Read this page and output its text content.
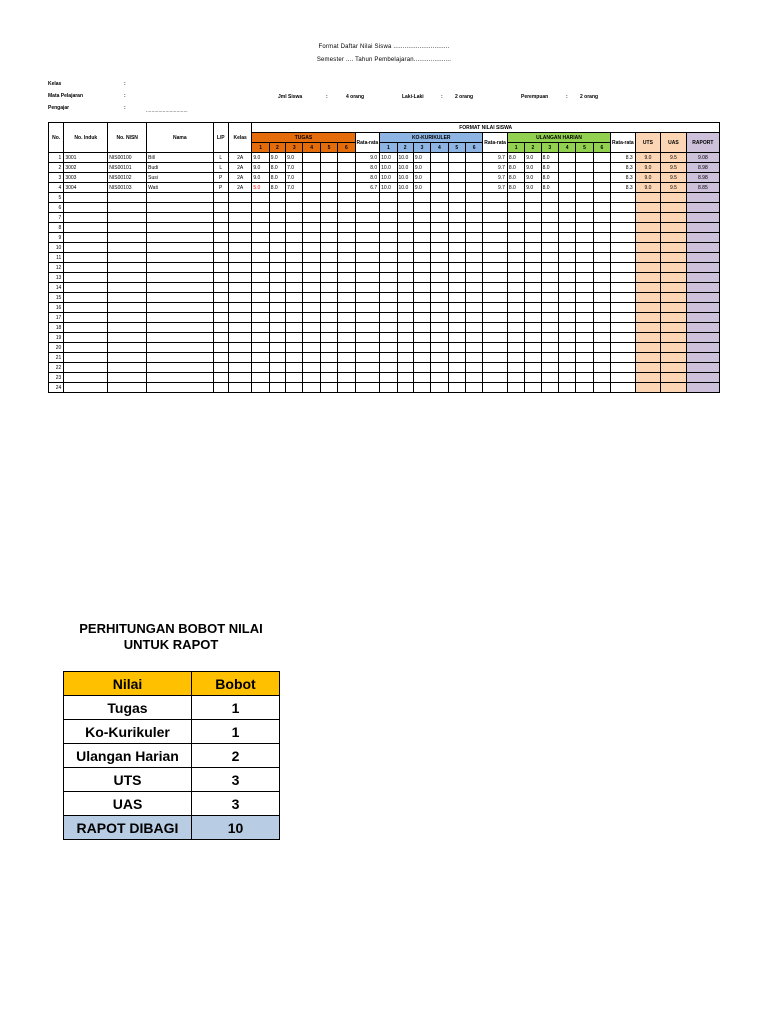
Format Daftar Nilai Siswa ..............................
Semester .... Tahun Pembelajaran....................
Kelas	:
Mata Pelajaran	:
Pengajar	:	..............................
Jml Siswa	:	4 orang	Laki-Laki	: 2 orang	Perempuan	: 2 orang
No.	No. Induk	No. NISN	Nama	L/P	Kelas	FORMAT NILAI SISWA																							
						TUGAS						Rata-rata	KO-KURIKULER						Rata-rata	ULANGAN HARIAN						Rata-rata	UTS	UAS	RAPORT
						1	2	3	4	5	6		1	2	3	4	5	6		1	2	3	4	5	6				
1	3001	NIS00100	Bill	L	2A	9.0	9.0	9.0				9.0	10.0	10.0	9.0				9.7	8.0	9.0	8.0				8.3	9.0	9.5	9.08
2	3002	NIS00101	Budi	L	2A	9.0	8.0	7.0				8.0	10.0	10.0	9.0				9.7	8.0	9.0	8.0				8.3	9.0	9.5	8.98
3	3003	NIS00102	Susi	P	2A	9.0	8.0	7.0				8.0	10.0	10.0	9.0				9.7	8.0	9.0	8.0				8.3	9.0	9.5	8.98
4	3004	NIS00103	Wati	P	2A	5.0	8.0	7.0				6.7	10.0	10.0	9.0				9.7	8.0	9.0	8.0				8.3	9.0	9.5	8.85
5																													
6																													
7																													
8																													
9																													
10																													
11																													
12																													
13																													
14																													
15																													
16																													
17																													
18																													
19																													
20																													
21																													
22																													
23																													
24																													
PERHITUNGAN BOBOT NILAI UNTUK RAPOT
Nilai	Bobot
Tugas	1
Ko-Kurikuler	1
Ulangan Harian	2
UTS	3
UAS	3
RAPOT DIBAGI	10
